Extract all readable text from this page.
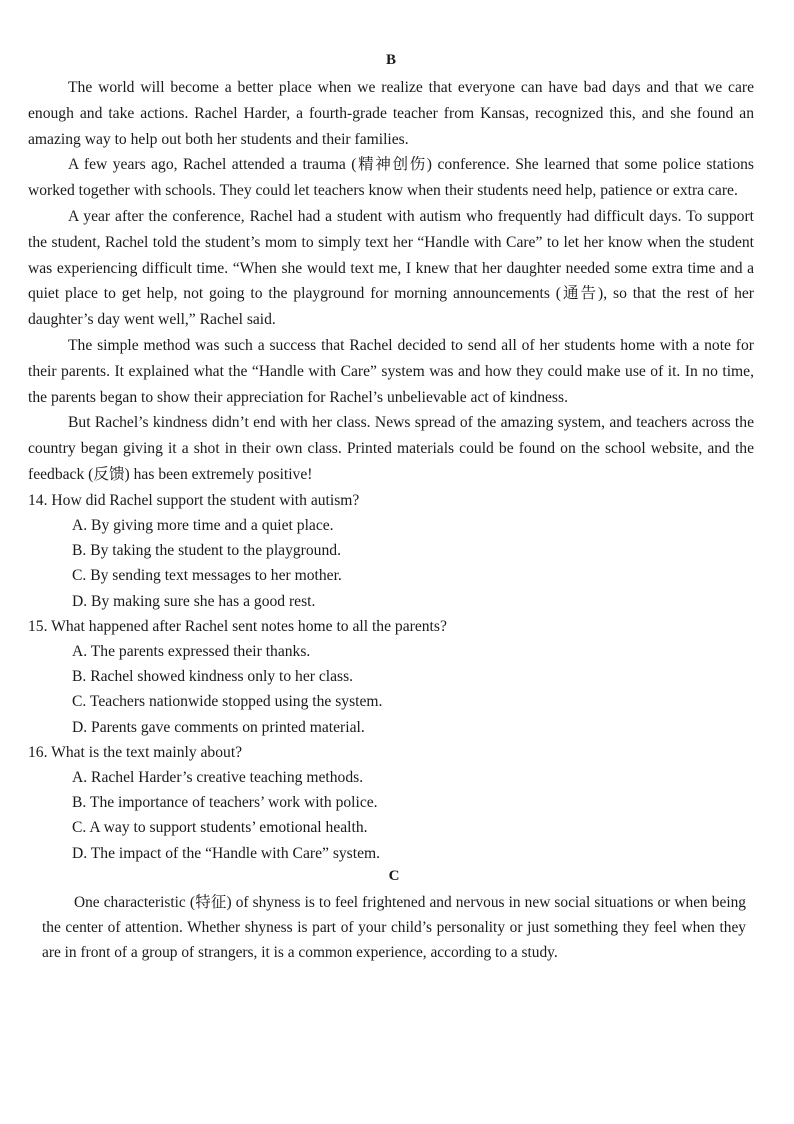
B

The world will become a better place when we realize that everyone can have bad days and that we care enough and take actions. Rachel Harder, a fourth-grade teacher from Kansas, recognized this, and she found an amazing way to help out both her students and their families.

A few years ago, Rachel attended a trauma (精神创伤) conference. She learned that some police stations worked together with schools. They could let teachers know when their students need help, patience or extra care.

A year after the conference, Rachel had a student with autism who frequently had difficult days. To support the student, Rachel told the student’s mom to simply text her “Handle with Care” to let her know when the student was experiencing difficult time. “When she would text me, I knew that her daughter needed some extra time and a quiet place to get help, not going to the playground for morning announcements (通告), so that the rest of her daughter’s day went well,” Rachel said.

The simple method was such a success that Rachel decided to send all of her students home with a note for their parents. It explained what the “Handle with Care” system was and how they could make use of it. In no time, the parents began to show their appreciation for Rachel’s unbelievable act of kindness.

But Rachel’s kindness didn’t end with her class. News spread of the amazing system, and teachers across the country began giving it a shot in their own class. Printed materials could be found on the school website, and the feedback (反馈) has been extremely positive!

14. How did Rachel support the student with autism?

A. By giving more time and a quiet place.

B. By taking the student to the playground.

C. By sending text messages to her mother.

D. By making sure she has a good rest.

15. What happened after Rachel sent notes home to all the parents?

A. The parents expressed their thanks.

B. Rachel showed kindness only to her class.

C. Teachers nationwide stopped using the system.

D. Parents gave comments on printed material.

16. What is the text mainly about?

A. Rachel Harder’s creative teaching methods.

B. The importance of teachers’ work with police.

C. A way to support students’ emotional health.

D. The impact of the “Handle with Care” system.

C

One characteristic (特征) of shyness is to feel frightened and nervous in new social situations or when being the center of attention. Whether shyness is part of your child’s personality or just something they feel when they are in front of a group of strangers, it is a common experience, according to a study.
